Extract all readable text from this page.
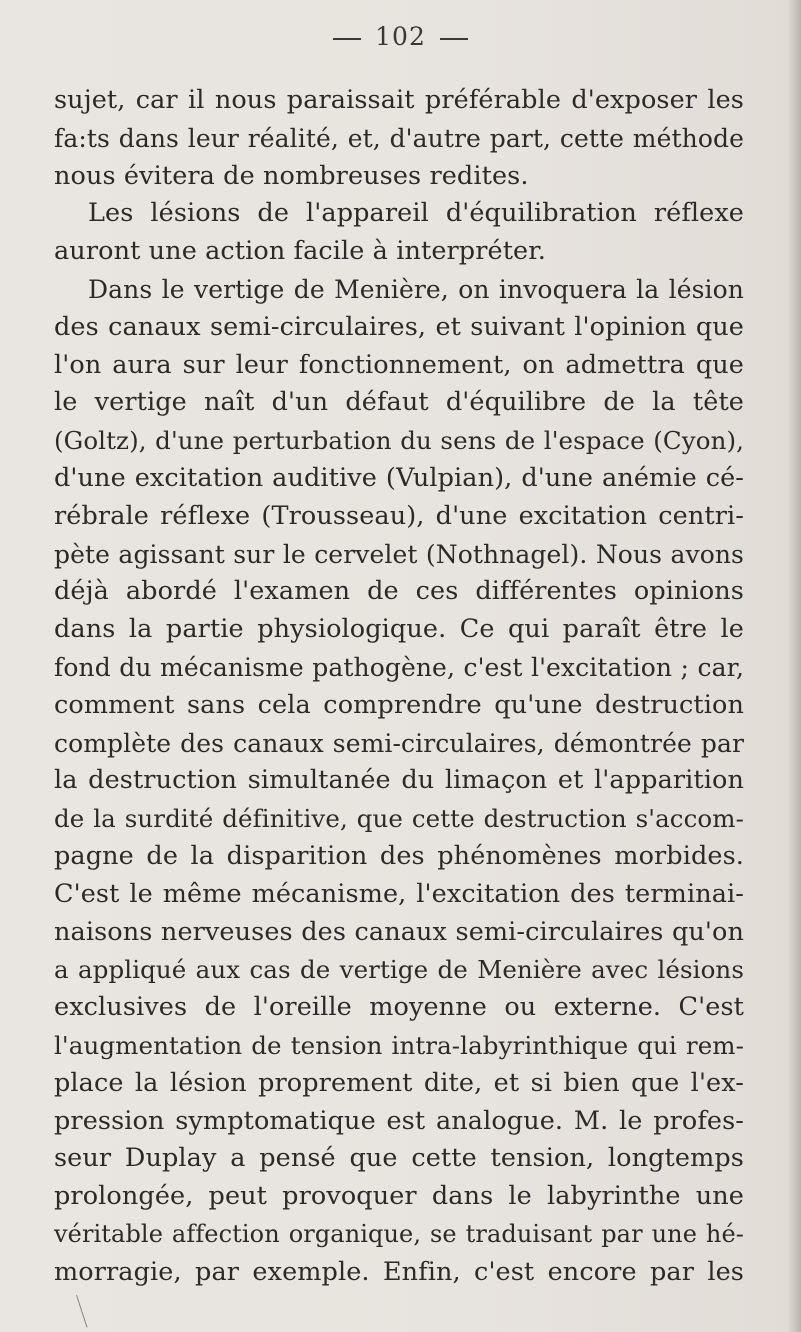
102
sujet, car il nous paraissait préférable d'exposer les
fa:ts dans leur réalité, et, d'autre part, cette méthode
nous évitera de nombreuses redites.
Les lésions de l'appareil d'équilibration réflexe
auront une action facile à interpréter.
Dans le vertige de Menière, on invoquera la lésion
des canaux semi-circulaires, et suivant l'opinion que
l'on aura sur leur fonctionnement, on admettra que
le vertige naît d'un défaut d'équilibre de la tête
(Goltz), d'une perturbation du sens de l'espace (Cyon),
d'une excitation auditive (Vulpian), d'une anémie cé-
rébrale réflexe (Trousseau), d'une excitation centri-
pète agissant sur le cervelet (Nothnagel). Nous avons
déjà abordé l'examen de ces différentes opinions
dans la partie physiologique. Ce qui paraît être le
fond du mécanisme pathogène, c'est l'excitation ; car,
comment sans cela comprendre qu'une destruction
complète des canaux semi-circulaires, démontrée par
la destruction simultanée du limaçon et l'apparition
de la surdité définitive, que cette destruction s'accom-
pagne de la disparition des phénomènes morbides.
C'est le même mécanisme, l'excitation des terminai-
naisons nerveuses des canaux semi-circulaires qu'on
a appliqué aux cas de vertige de Menière avec lésions
exclusives de l'oreille moyenne ou externe. C'est
l'augmentation de tension intra-labyrinthique qui rem-
place la lésion proprement dite, et si bien que l'ex-
pression symptomatique est analogue. M. le profes-
seur Duplay a pensé que cette tension, longtemps
prolongée, peut provoquer dans le labyrinthe une
véritable affection organique, se traduisant par une hé-
morragie, par exemple. Enfin, c'est encore par les
